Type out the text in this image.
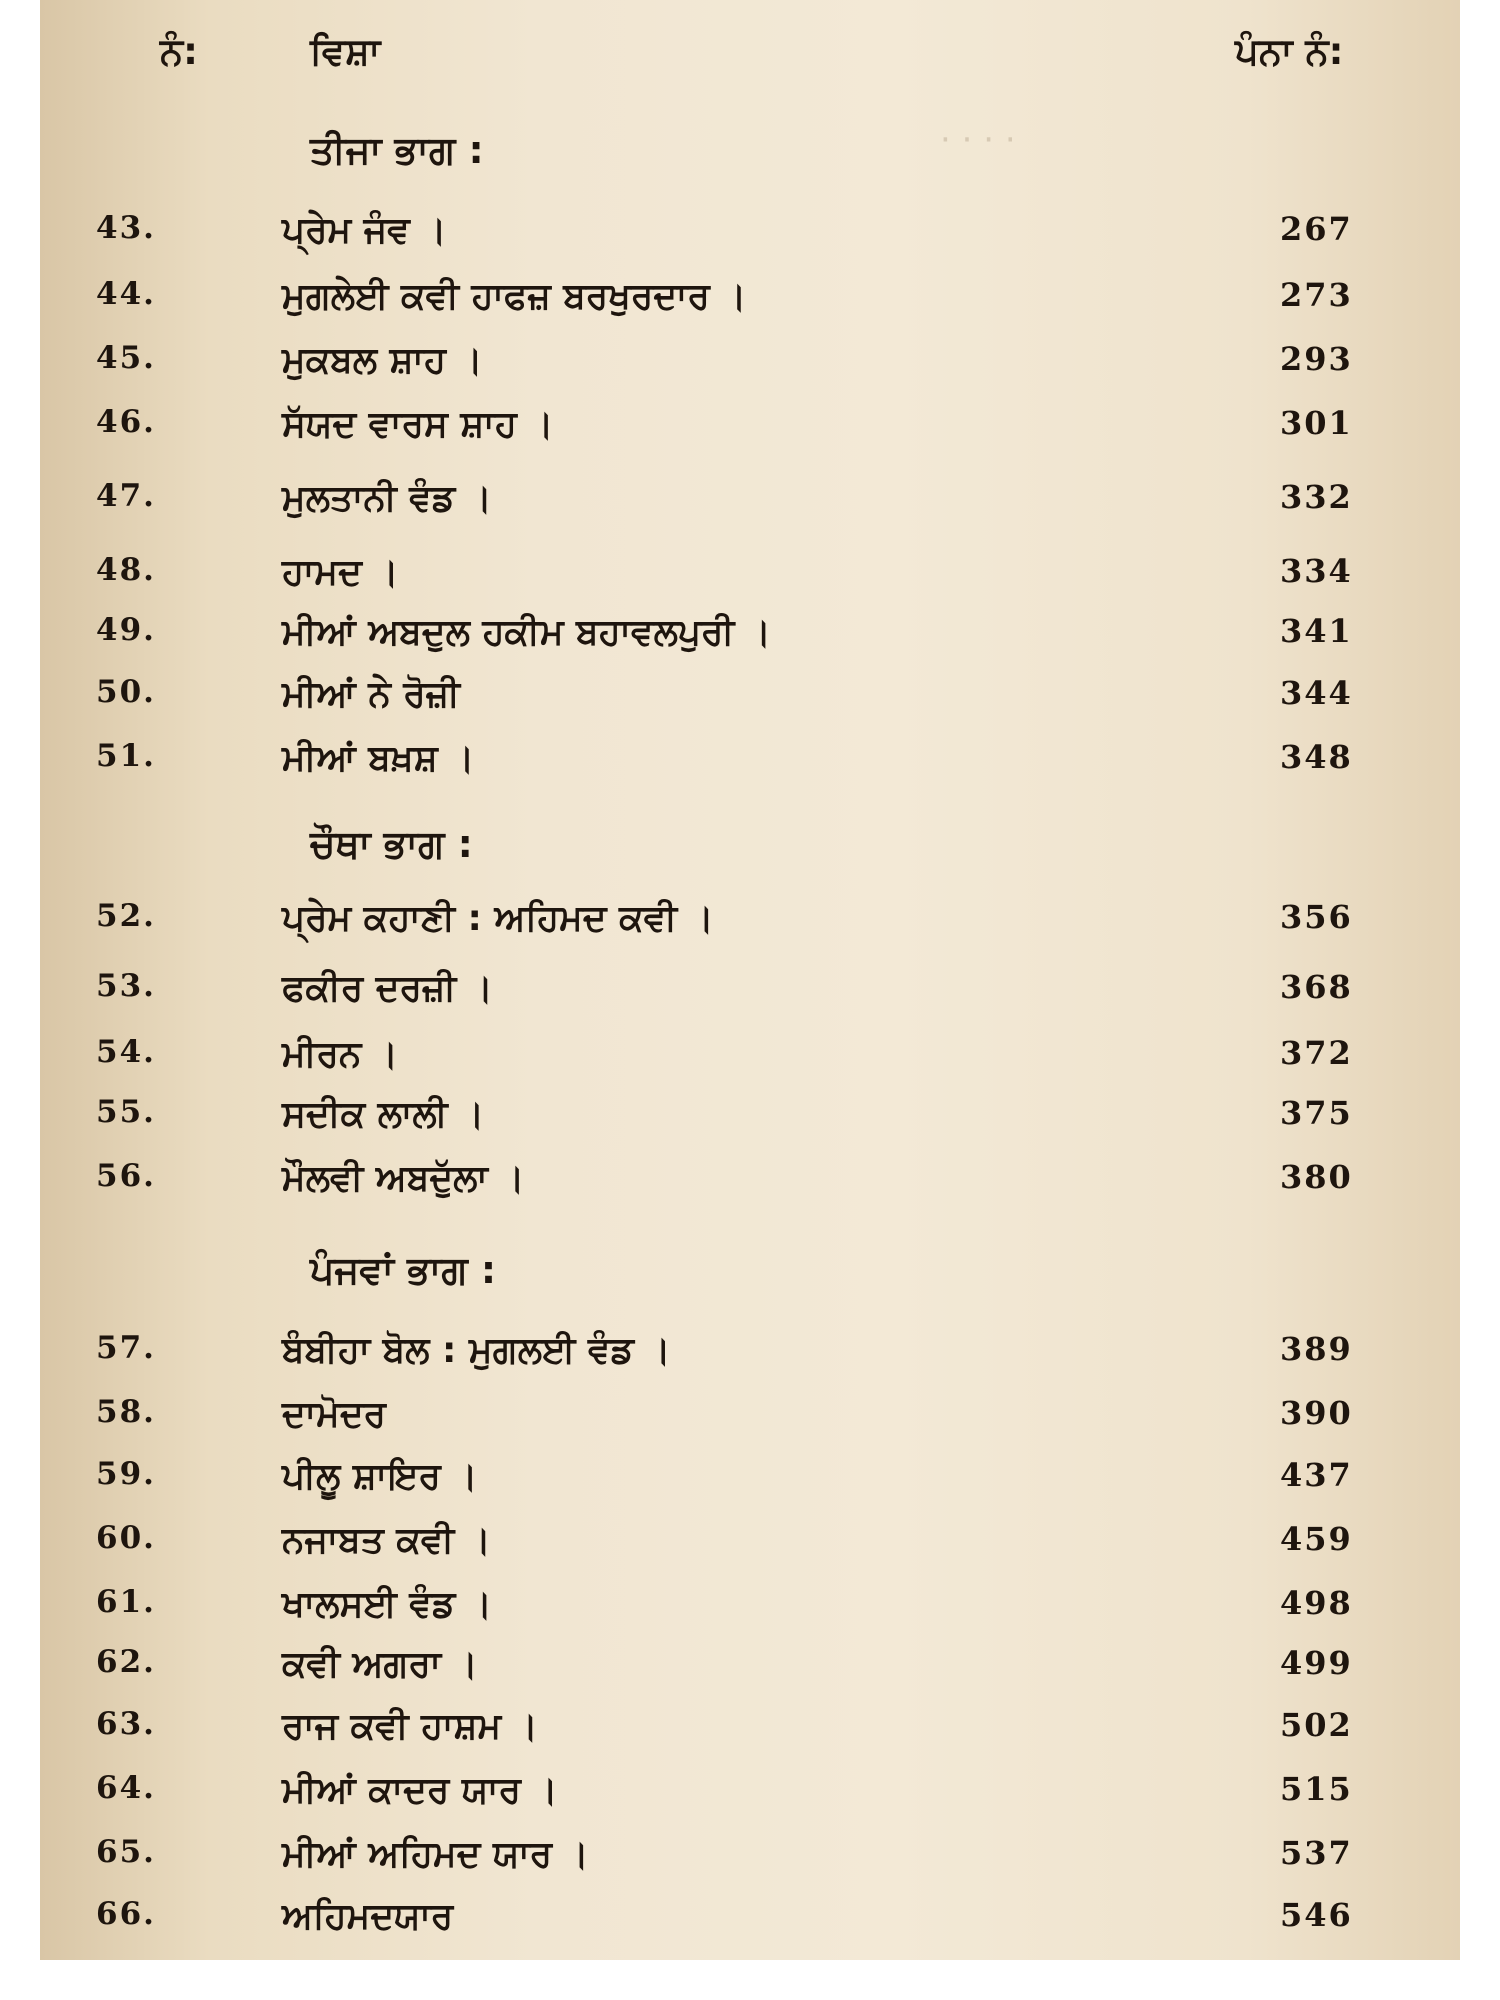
· · · ·
ਨੰ:	ਵਿਸ਼ਾ	ਪੰਨਾ ਨੰ:
ਤੀਜਾ ਭਾਗ :
43.	ਪ੍ਰੇਮ ਜੰਵ ।	267
44.	ਮੁਗਲੇਈ ਕਵੀ ਹਾਫਜ਼ ਬਰਖੁਰਦਾਰ ।	273
45.	ਮੁਕਬਲ ਸ਼ਾਹ ।	293
46.	ਸੱਯਦ ਵਾਰਸ ਸ਼ਾਹ ।	301
47.	ਮੁਲਤਾਨੀ ਵੰਡ ।	332
48.	ਹਾਮਦ ।	334
49.	ਮੀਆਂ ਅਬਦੁਲ ਹਕੀਮ ਬਹਾਵਲਪੁਰੀ ।	341
50.	ਮੀਆਂ ਨੇ ਰੋਜ਼ੀ	344
51.	ਮੀਆਂ ਬਖ਼ਸ਼ ।	348
ਚੌਥਾ ਭਾਗ :
52.	ਪ੍ਰੇਮ ਕਹਾਣੀ : ਅਹਿਮਦ ਕਵੀ ।	356
53.	ਫਕੀਰ ਦਰਜ਼ੀ ।	368
54.	ਮੀਰਨ ।	372
55.	ਸਦੀਕ ਲਾਲੀ ।	375
56.	ਮੌਲਵੀ ਅਬਦੁੱਲਾ ।	380
ਪੰਜਵਾਂ ਭਾਗ :
57.	ਬੰਬੀਹਾ ਬੋਲ : ਮੁਗਲਈ ਵੰਡ ।	389
58.	ਦਾਮੋਦਰ	390
59.	ਪੀਲੂ ਸ਼ਾਇਰ ।	437
60.	ਨਜਾਬਤ ਕਵੀ ।	459
61.	ਖਾਲਸਈ ਵੰਡ ।	498
62.	ਕਵੀ ਅਗਰਾ ।	499
63.	ਰਾਜ ਕਵੀ ਹਾਸ਼ਮ ।	502
64.	ਮੀਆਂ ਕਾਦਰ ਯਾਰ ।	515
65.	ਮੀਆਂ ਅਹਿਮਦ ਯਾਰ ।	537
66.	ਅਹਿਮਦਯਾਰ	546
